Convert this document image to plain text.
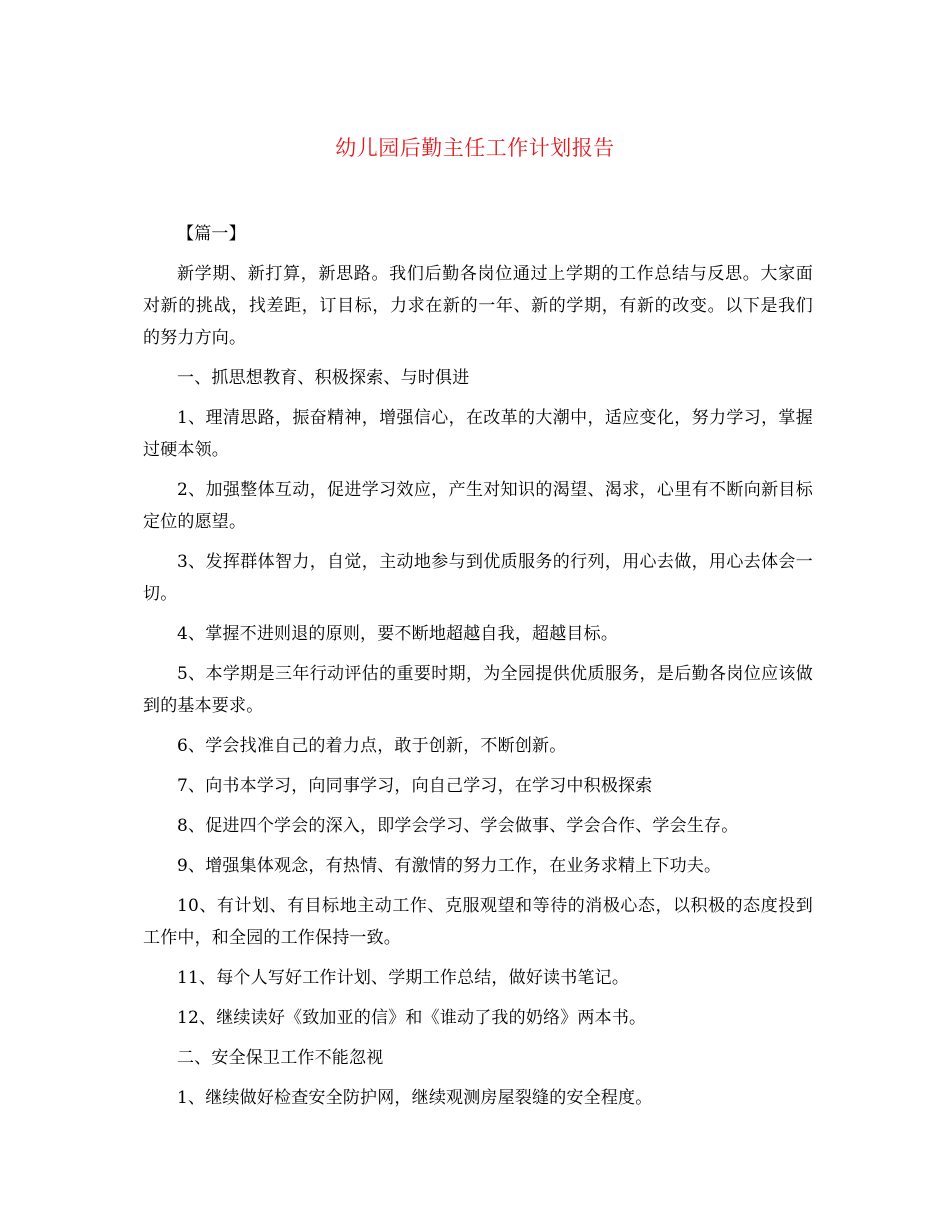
幼儿园后勤主任工作计划报告

【篇一】

新学期、新打算，新思路。我们后勤各岗位通过上学期的工作总结与反思。大家面对新的挑战，找差距，订目标，力求在新的一年、新的学期，有新的改变。以下是我们的努力方向。

一、抓思想教育、积极探索、与时俱进

1、理清思路，振奋精神，增强信心，在改革的大潮中，适应变化，努力学习，掌握过硬本领。

2、加强整体互动，促进学习效应，产生对知识的渴望、渴求，心里有不断向新目标定位的愿望。

3、发挥群体智力，自觉，主动地参与到优质服务的行列，用心去做，用心去体会一切。

4、掌握不进则退的原则，要不断地超越自我，超越目标。

5、本学期是三年行动评估的重要时期，为全园提供优质服务，是后勤各岗位应该做到的基本要求。

6、学会找准自己的着力点，敢于创新，不断创新。

7、向书本学习，向同事学习，向自己学习，在学习中积极探索

8、促进四个学会的深入，即学会学习、学会做事、学会合作、学会生存。

9、增强集体观念，有热情、有激情的努力工作，在业务求精上下功夫。

10、有计划、有目标地主动工作、克服观望和等待的消极心态，以积极的态度投到工作中，和全园的工作保持一致。

11、每个人写好工作计划、学期工作总结，做好读书笔记。

12、继续读好《致加亚的信》和《谁动了我的奶络》两本书。

二、安全保卫工作不能忽视

1、继续做好检查安全防护网，继续观测房屋裂缝的安全程度。
